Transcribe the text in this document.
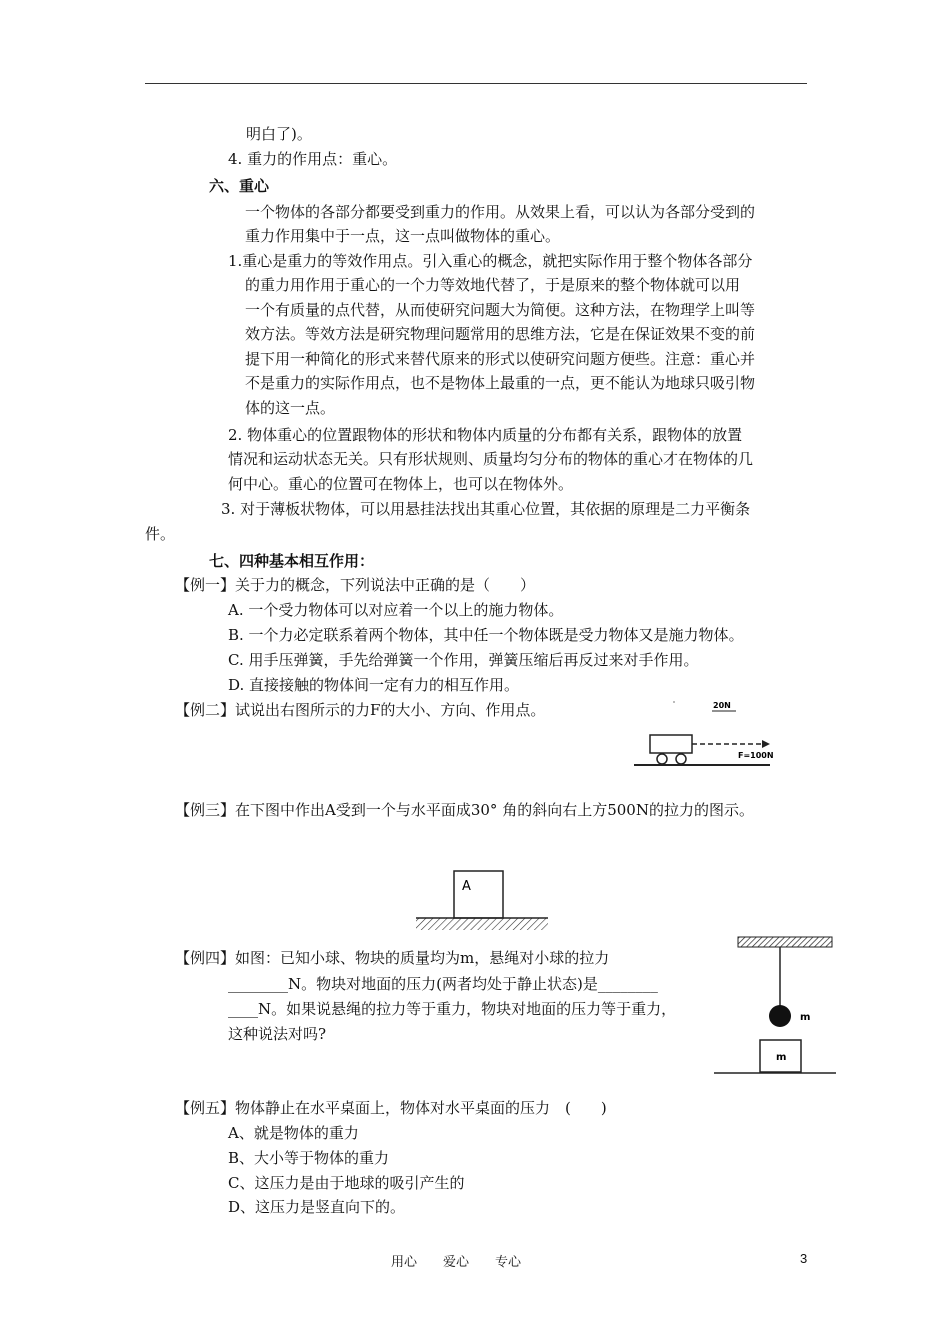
明白了)。
4. 重力的作用点：重心。
六、重心
一个物体的各部分都要受到重力的作用。从效果上看，可以认为各部分受到的
重力作用集中于一点，这一点叫做物体的重心。
1.重心是重力的等效作用点。引入重心的概念，就把实际作用于整个物体各部分
的重力用作用于重心的一个力等效地代替了，于是原来的整个物体就可以用
一个有质量的点代替，从而使研究问题大为简便。这种方法，在物理学上叫等
效方法。等效方法是研究物理问题常用的思维方法，它是在保证效果不变的前
提下用一种简化的形式来替代原来的形式以使研究问题方便些。注意：重心并
不是重力的实际作用点，也不是物体上最重的一点，更不能认为地球只吸引物
体的这一点。
2. 物体重心的位置跟物体的形状和物体内质量的分布都有关系，跟物体的放置
情况和运动状态无关。只有形状规则、质量均匀分布的物体的重心才在物体的几
何中心。重心的位置可在物体上，也可以在物体外。
3. 对于薄板状物体，可以用悬挂法找出其重心位置，其依据的原理是二力平衡条
件。
七、四种基本相互作用：
【例一】关于力的概念，下列说法中正确的是（　　）
A. 一个受力物体可以对应着一个以上的施力物体。
B. 一个力必定联系着两个物体，其中任一个物体既是受力物体又是施力物体。
C. 用手压弹簧，手先给弹簧一个作用，弹簧压缩后再反过来对手作用。
D. 直接接触的物体间一定有力的相互作用。
【例二】试说出右图所示的力F的大小、方向、作用点。	20N
F=100N
【例三】在下图中作出A受到一个与水平面成30° 角的斜向右上方500N的拉力的图示。
A
【例四】如图：已知小球、物块的质量均为m，悬绳对小球的拉力
________N。物块对地面的压力(两者均处于静止状态)是________
____N。如果说悬绳的拉力等于重力，物块对地面的压力等于重力，
这种说法对吗?
m
m
【例五】物体静止在水平桌面上，物体对水平桌面的压力　(　　)
A、就是物体的重力
B、大小等于物体的重力
C、这压力是由于地球的吸引产生的
D、这压力是竖直向下的。
用心　　爱心　　专心	3
